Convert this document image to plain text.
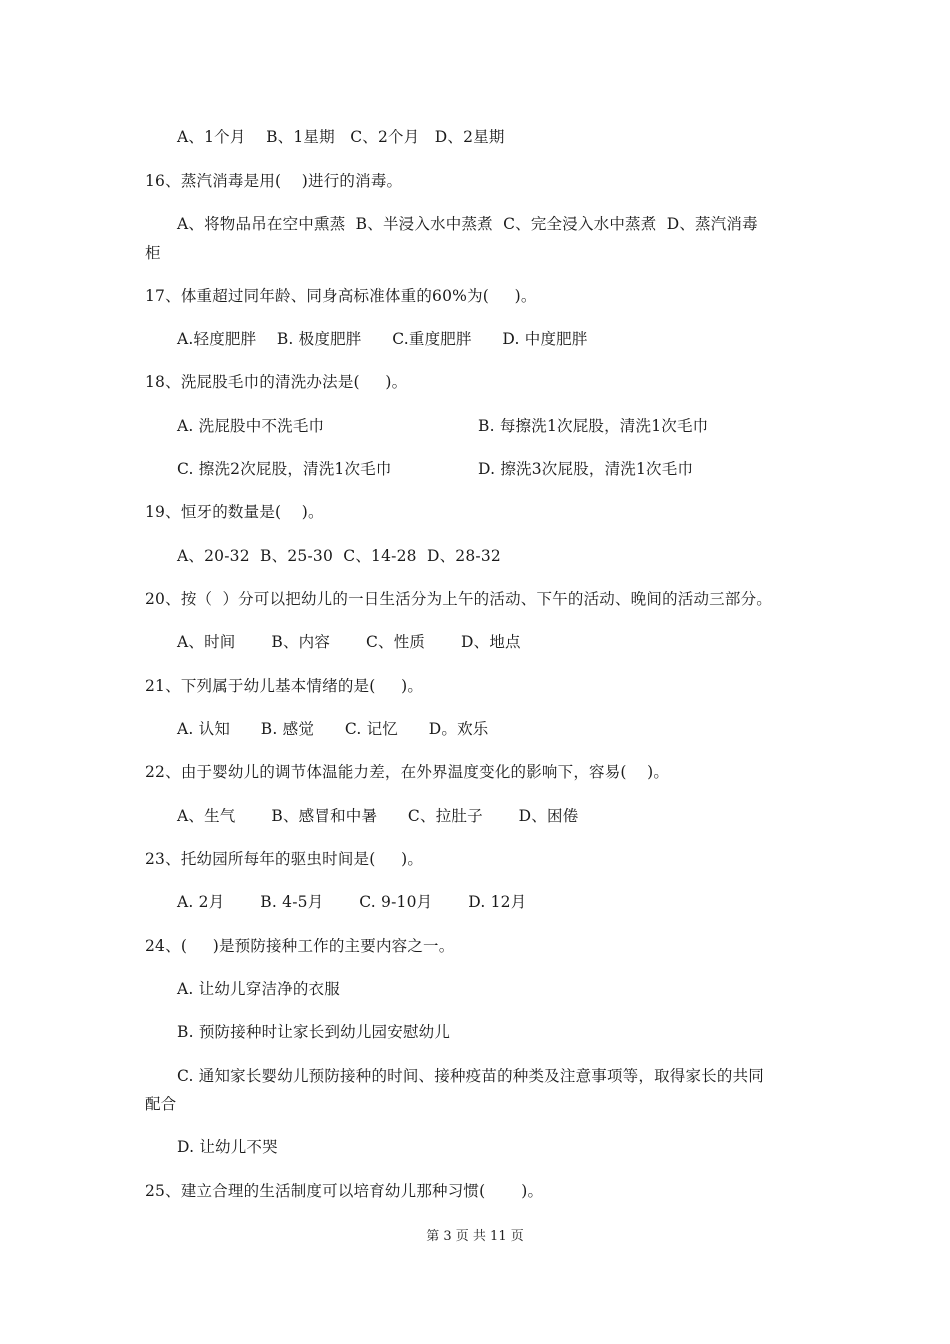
A、1个月    B、1星期   C、2个月   D、2星期
16、蒸汽消毒是用(    )进行的消毒。
A、将物品吊在空中熏蒸  B、半浸入水中蒸煮  C、完全浸入水中蒸煮  D、蒸汽消毒
柜
17、体重超过同年龄、同身高标准体重的60%为(     )。
A.轻度肥胖    B. 极度肥胖      C.重度肥胖      D. 中度肥胖
18、洗屁股毛巾的清洗办法是(     )。
A. 洗屁股中不洗毛巾	B. 每擦洗1次屁股，清洗1次毛巾
C. 擦洗2次屁股，清洗1次毛巾	D. 擦洗3次屁股，清洗1次毛巾
19、恒牙的数量是(    )。
A、20-32  B、25-30  C、14-28  D、28-32
20、按（  ）分可以把幼儿的一日生活分为上午的活动、下午的活动、晚间的活动三部分。
A、时间       B、内容       C、性质       D、地点
21、下列属于幼儿基本情绪的是(     )。
A. 认知      B. 感觉      C. 记忆      D。欢乐
22、由于婴幼儿的调节体温能力差，在外界温度变化的影响下，容易(    )。
A、生气       B、感冒和中暑      C、拉肚子       D、困倦
23、托幼园所每年的驱虫时间是(     )。
A. 2月       B. 4-5月       C. 9-10月       D. 12月
24、(     )是预防接种工作的主要内容之一。
A. 让幼儿穿洁净的衣服
B. 预防接种时让家长到幼儿园安慰幼儿
C. 通知家长婴幼儿预防接种的时间、接种疫苗的种类及注意事项等，取得家长的共同
配合
D. 让幼儿不哭
25、建立合理的生活制度可以培育幼儿那种习惯(       )。
第 3 页 共 11 页
